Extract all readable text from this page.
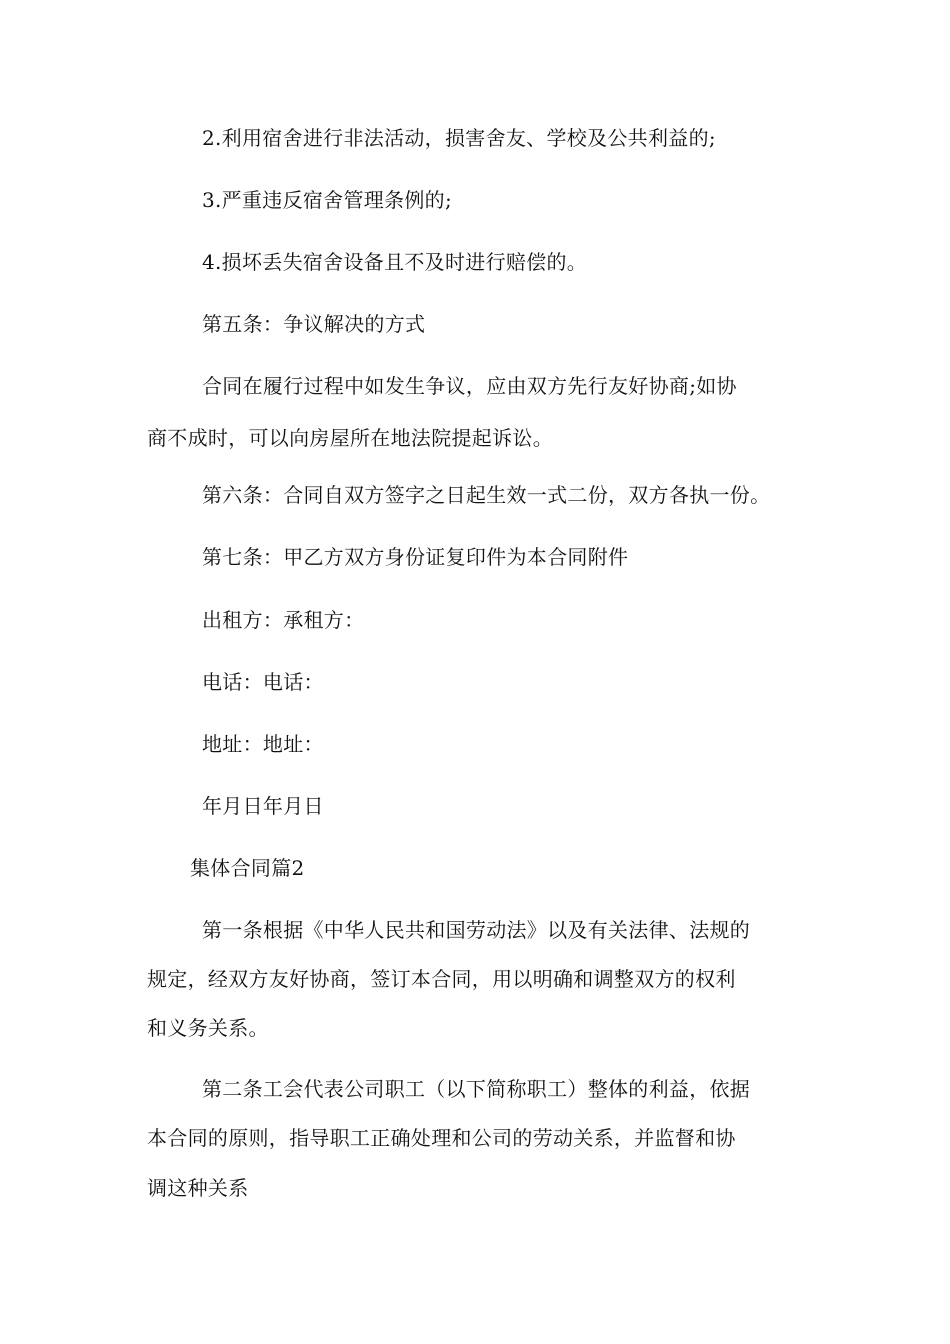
2.利用宿舍进行非法活动，损害舍友、学校及公共利益的;
3.严重违反宿舍管理条例的;
4.损坏丢失宿舍设备且不及时进行赔偿的。
第五条：争议解决的方式
合同在履行过程中如发生争议，应由双方先行友好协商;如协
商不成时，可以向房屋所在地法院提起诉讼。
第六条：合同自双方签字之日起生效一式二份，双方各执一份。
第七条：甲乙方双方身份证复印件为本合同附件
出租方：承租方：
电话：电话：
地址：地址：
年月日年月日
集体合同篇2
第一条根据《中华人民共和国劳动法》以及有关法律、法规的
规定，经双方友好协商，签订本合同，用以明确和调整双方的权利
和义务关系。
第二条工会代表公司职工（以下简称职工）整体的利益，依据
本合同的原则，指导职工正确处理和公司的劳动关系，并监督和协
调这种关系
